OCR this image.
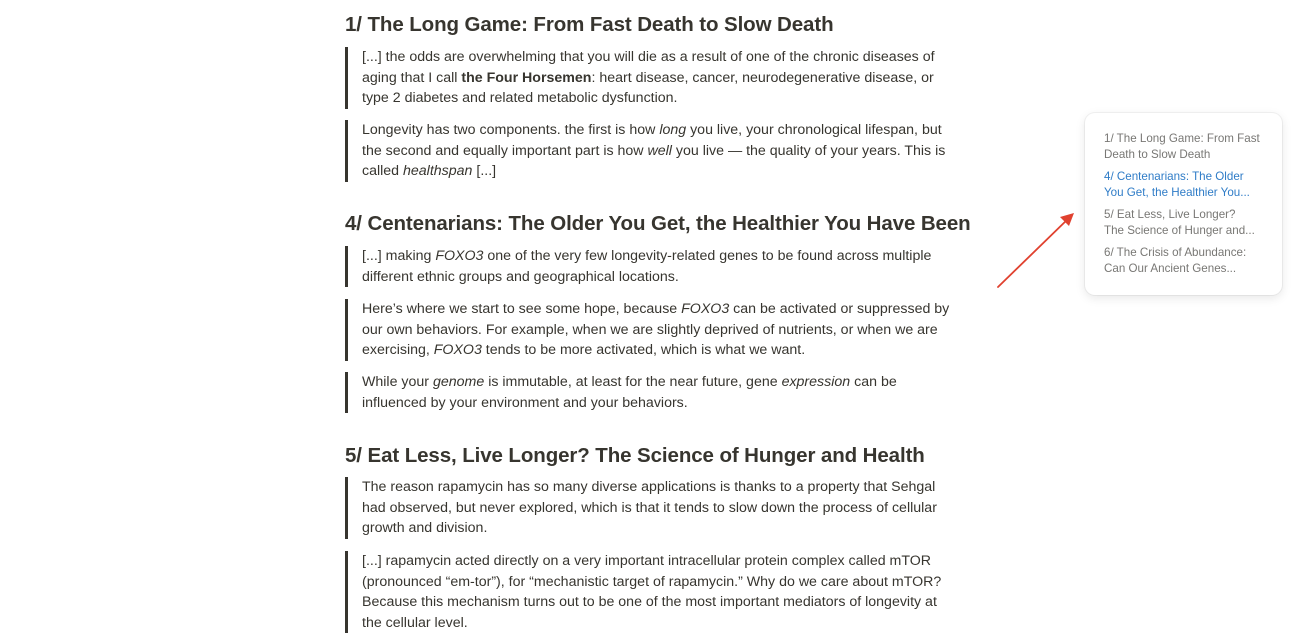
1/ The Long Game: From Fast Death to Slow Death
[...] the odds are overwhelming that you will die as a result of one of the chronic diseases of aging that I call the Four Horsemen: heart disease, cancer, neurodegenerative disease, or type 2 diabetes and related metabolic dysfunction.
Longevity has two components. the first is how long you live, your chronological lifespan, but the second and equally important part is how well you live — the quality of your years. This is called healthspan [...]
4/ Centenarians: The Older You Get, the Healthier You Have Been
[...] making FOXO3 one of the very few longevity-related genes to be found across multiple different ethnic groups and geographical locations.
Here’s where we start to see some hope, because FOXO3 can be activated or suppressed by our own behaviors. For example, when we are slightly deprived of nutrients, or when we are exercising, FOXO3 tends to be more activated, which is what we want.
While your genome is immutable, at least for the near future, gene expression can be influenced by your environment and your behaviors.
5/ Eat Less, Live Longer? The Science of Hunger and Health
The reason rapamycin has so many diverse applications is thanks to a property that Sehgal had observed, but never explored, which is that it tends to slow down the process of cellular growth and division.
[...] rapamycin acted directly on a very important intracellular protein complex called mTOR (pronounced “em-tor”), for “mechanistic target of rapamycin.” Why do we care about mTOR? Because this mechanism turns out to be one of the most important mediators of longevity at the cellular level.
1/ The Long Game: From Fast
Death to Slow Death
4/ Centenarians: The Older
You Get, the Healthier You...
5/ Eat Less, Live Longer?
The Science of Hunger and...
6/ The Crisis of Abundance:
Can Our Ancient Genes...
